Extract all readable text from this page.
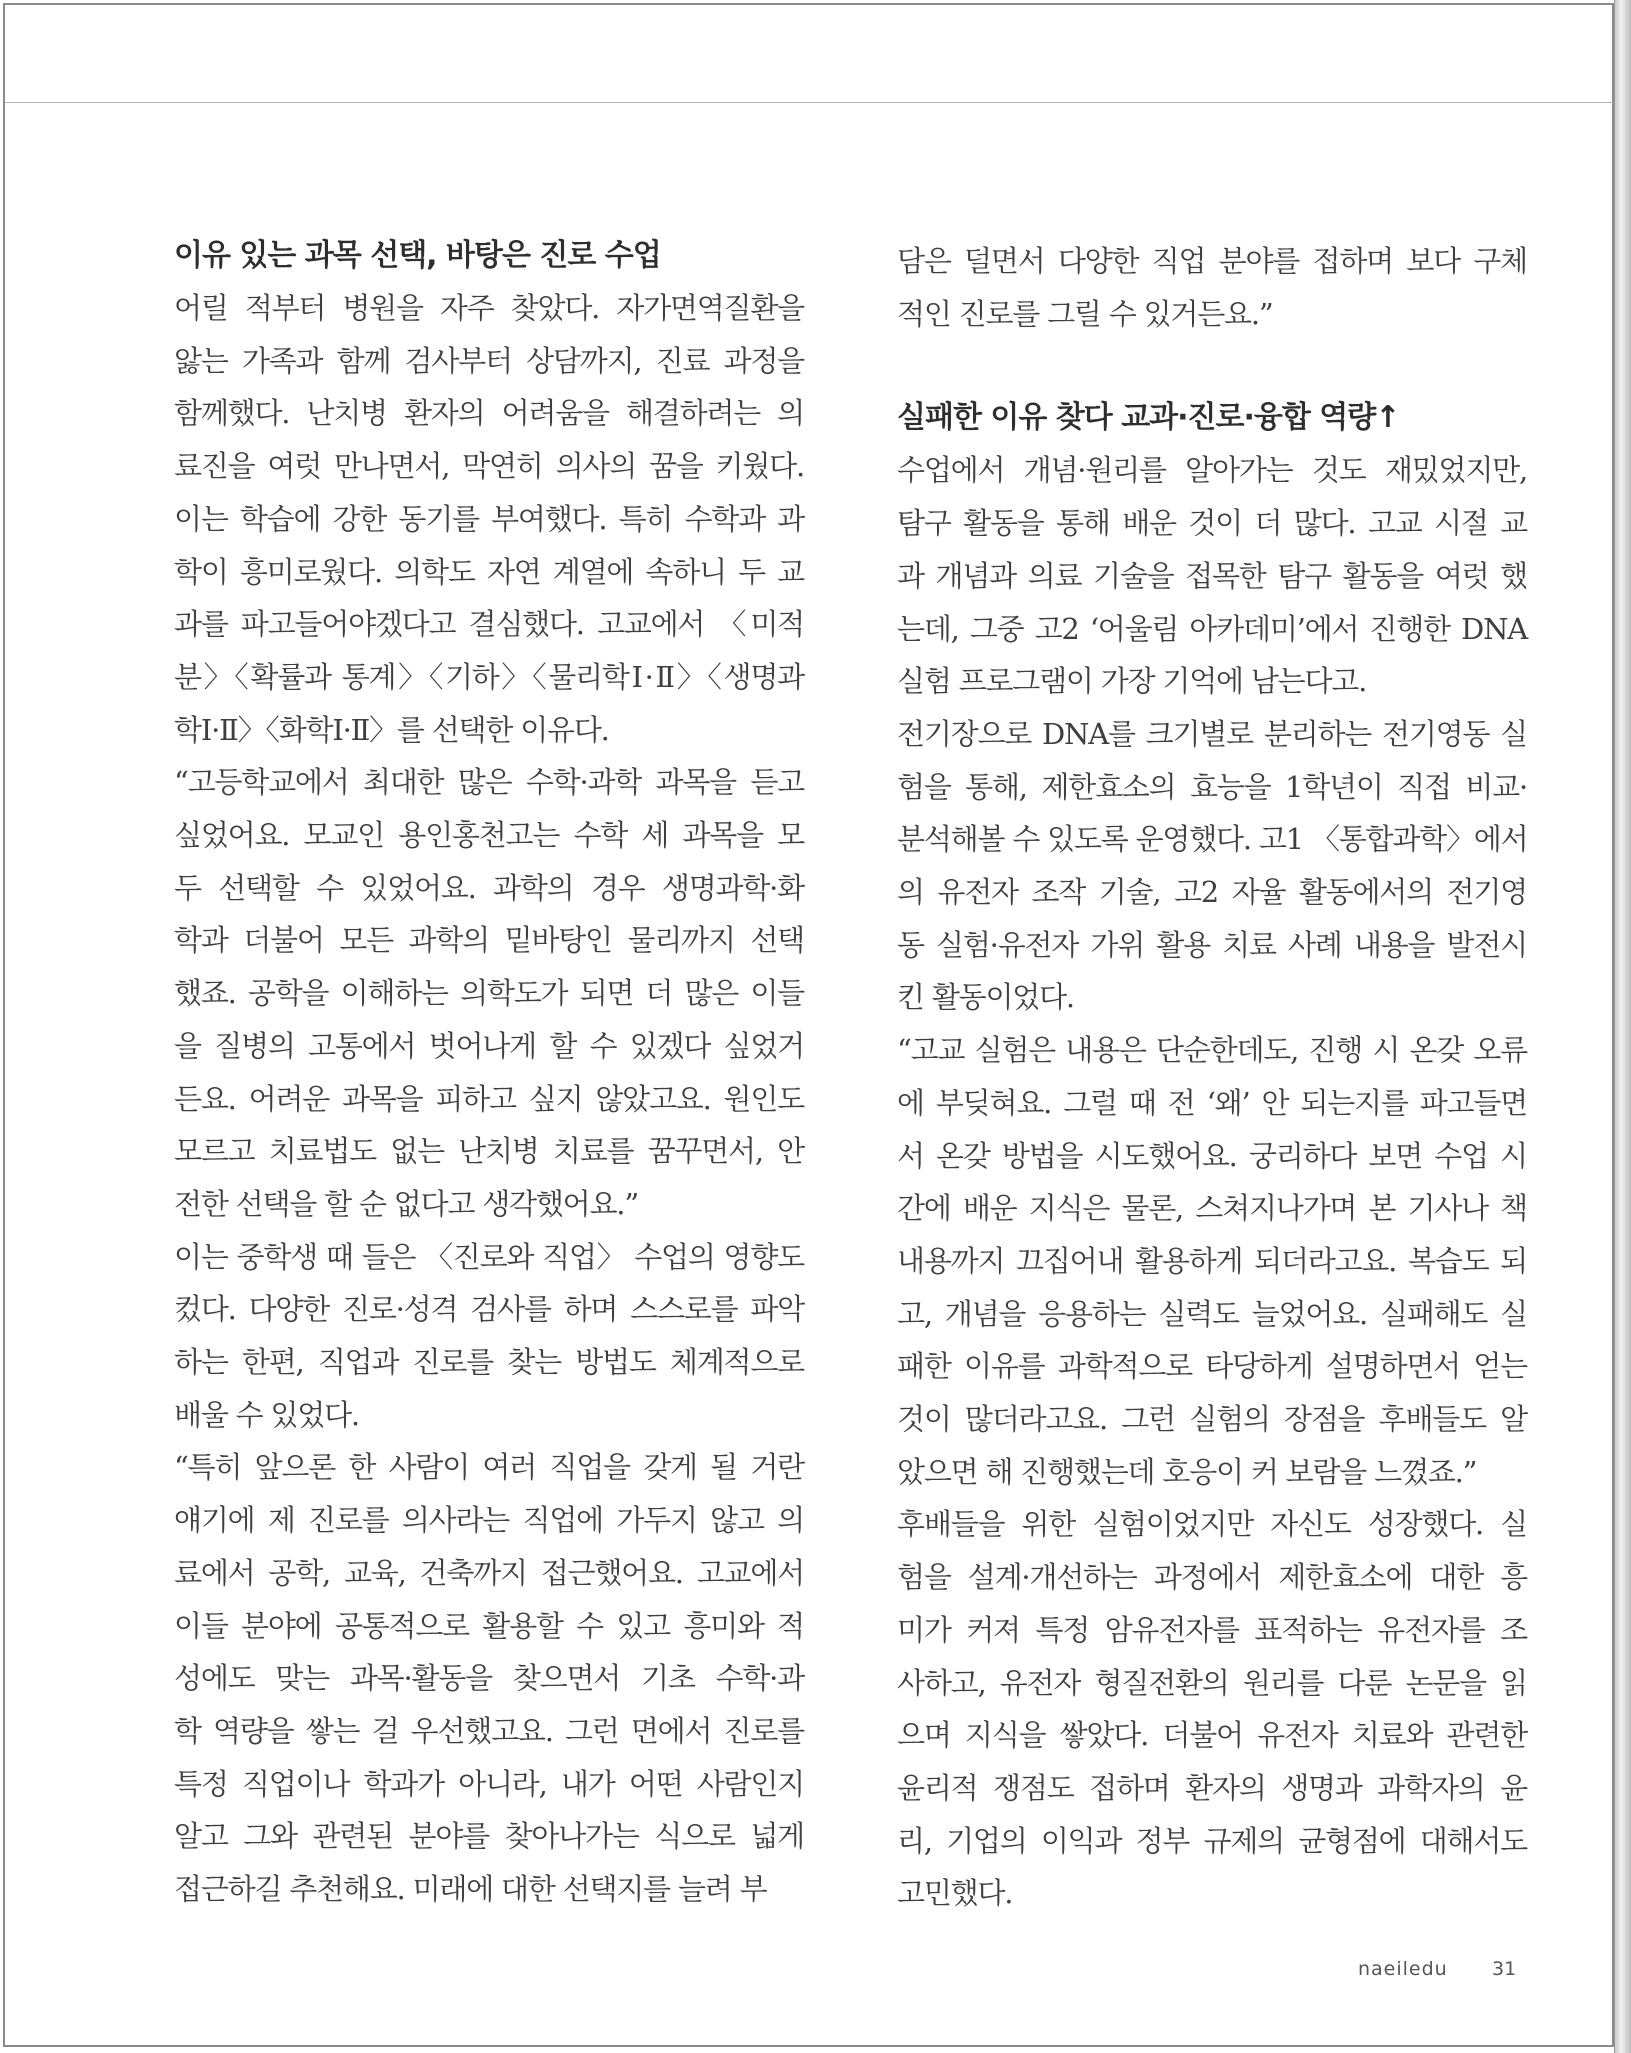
이유 있는 과목 선택, 바탕은 진로 수업
어릴 적부터 병원을 자주 찾았다. 자가면역질환을
앓는 가족과 함께 검사부터 상담까지, 진료 과정을
함께했다. 난치병 환자의 어려움을 해결하려는 의
료진을 여럿 만나면서, 막연히 의사의 꿈을 키웠다.
이는 학습에 강한 동기를 부여했다. 특히 수학과 과
학이 흥미로웠다. 의학도 자연 계열에 속하니 두 교
과를 파고들어야겠다고 결심했다. 고교에서 〈미적
분〉〈확률과 통계〉〈기하〉〈물리학Ⅰ·Ⅱ〉〈생명과
학Ⅰ·Ⅱ〉〈화학Ⅰ·Ⅱ〉를 선택한 이유다.
“고등학교에서 최대한 많은 수학·과학 과목을 듣고
싶었어요. 모교인 용인홍천고는 수학 세 과목을 모
두 선택할 수 있었어요. 과학의 경우 생명과학·화
학과 더불어 모든 과학의 밑바탕인 물리까지 선택
했죠. 공학을 이해하는 의학도가 되면 더 많은 이들
을 질병의 고통에서 벗어나게 할 수 있겠다 싶었거
든요. 어려운 과목을 피하고 싶지 않았고요. 원인도
모르고 치료법도 없는 난치병 치료를 꿈꾸면서, 안
전한 선택을 할 순 없다고 생각했어요.”
이는 중학생 때 들은 〈진로와 직업〉 수업의 영향도
컸다. 다양한 진로·성격 검사를 하며 스스로를 파악
하는 한편, 직업과 진로를 찾는 방법도 체계적으로
배울 수 있었다.
“특히 앞으론 한 사람이 여러 직업을 갖게 될 거란
얘기에 제 진로를 의사라는 직업에 가두지 않고 의
료에서 공학, 교육, 건축까지 접근했어요. 고교에서
이들 분야에 공통적으로 활용할 수 있고 흥미와 적
성에도 맞는 과목·활동을 찾으면서 기초 수학·과
학 역량을 쌓는 걸 우선했고요. 그런 면에서 진로를
특정 직업이나 학과가 아니라, 내가 어떤 사람인지
알고 그와 관련된 분야를 찾아나가는 식으로 넓게
접근하길 추천해요. 미래에 대한 선택지를 늘려 부
담은 덜면서 다양한 직업 분야를 접하며 보다 구체
적인 진로를 그릴 수 있거든요.”
실패한 이유 찾다 교과·진로·융합 역량↑
수업에서 개념·원리를 알아가는 것도 재밌었지만,
탐구 활동을 통해 배운 것이 더 많다. 고교 시절 교
과 개념과 의료 기술을 접목한 탐구 활동을 여럿 했
는데, 그중 고2 ‘어울림 아카데미’에서 진행한 DNA
실험 프로그램이 가장 기억에 남는다고.
전기장으로 DNA를 크기별로 분리하는 전기영동 실
험을 통해, 제한효소의 효능을 1학년이 직접 비교·
분석해볼 수 있도록 운영했다. 고1 〈통합과학〉에서
의 유전자 조작 기술, 고2 자율 활동에서의 전기영
동 실험·유전자 가위 활용 치료 사례 내용을 발전시
킨 활동이었다.
“고교 실험은 내용은 단순한데도, 진행 시 온갖 오류
에 부딪혀요. 그럴 때 전 ‘왜’ 안 되는지를 파고들면
서 온갖 방법을 시도했어요. 궁리하다 보면 수업 시
간에 배운 지식은 물론, 스쳐지나가며 본 기사나 책
내용까지 끄집어내 활용하게 되더라고요. 복습도 되
고, 개념을 응용하는 실력도 늘었어요. 실패해도 실
패한 이유를 과학적으로 타당하게 설명하면서 얻는
것이 많더라고요. 그런 실험의 장점을 후배들도 알
았으면 해 진행했는데 호응이 커 보람을 느꼈죠.”
후배들을 위한 실험이었지만 자신도 성장했다. 실
험을 설계·개선하는 과정에서 제한효소에 대한 흥
미가 커져 특정 암유전자를 표적하는 유전자를 조
사하고, 유전자 형질전환의 원리를 다룬 논문을 읽
으며 지식을 쌓았다. 더불어 유전자 치료와 관련한
윤리적 쟁점도 접하며 환자의 생명과 과학자의 윤
리, 기업의 이익과 정부 규제의 균형점에 대해서도
고민했다.
naeiledu 31
